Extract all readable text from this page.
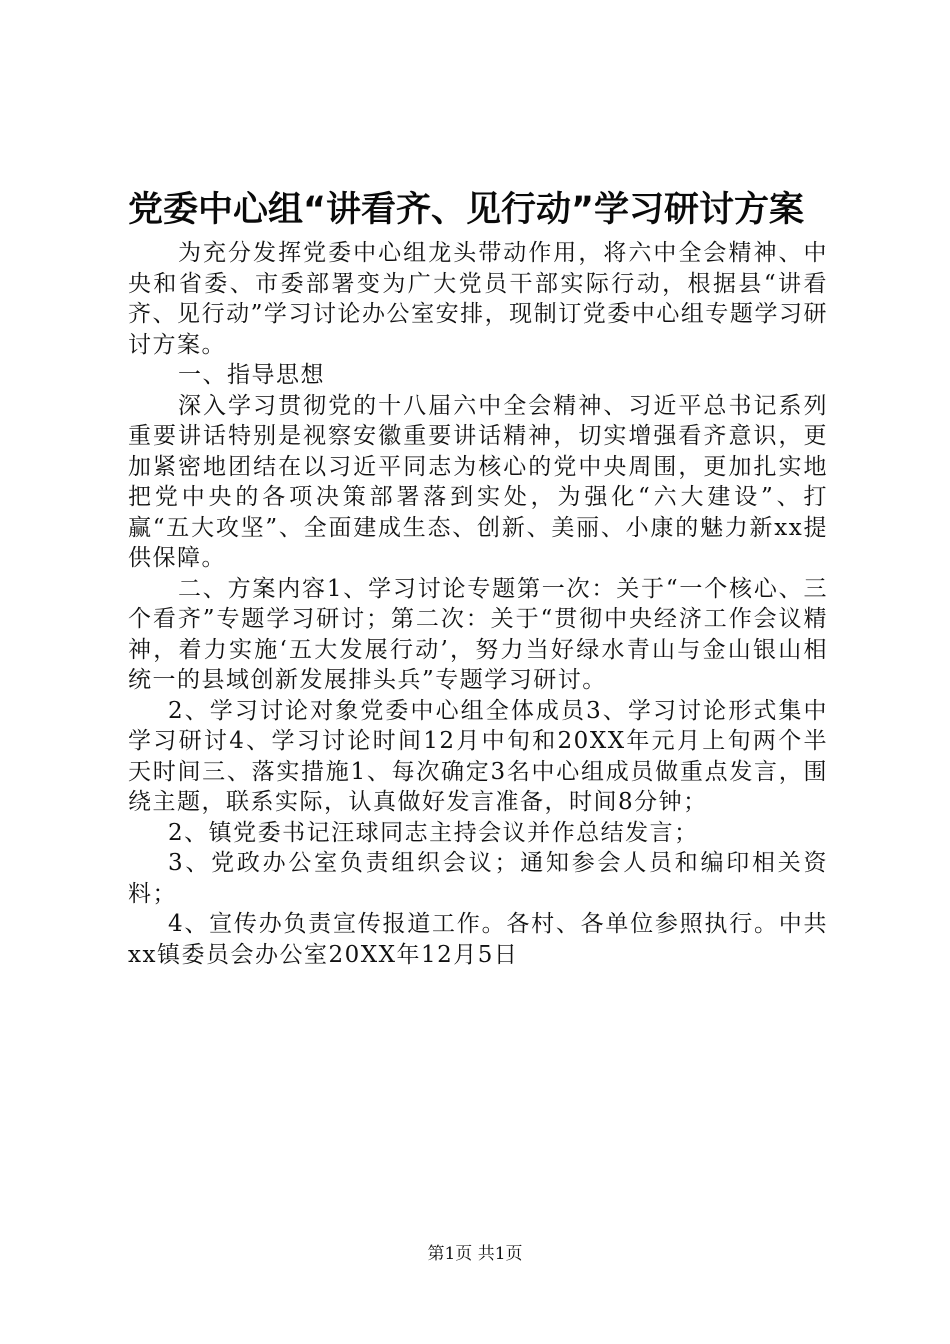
党委中心组“讲看齐、见行动”学习研讨方案

为充分发挥党委中心组龙头带动作用，将六中全会精神、中央和省委、市委部署变为广大党员干部实际行动，根据县“讲看齐、见行动”学习讨论办公室安排，现制订党委中心组专题学习研讨方案。

一、指导思想

深入学习贯彻党的十八届六中全会精神、习近平总书记系列重要讲话特别是视察安徽重要讲话精神，切实增强看齐意识，更加紧密地团结在以习近平同志为核心的党中央周围，更加扎实地把党中央的各项决策部署落到实处，为强化“六大建设”、打赢“五大攻坚”、全面建成生态、创新、美丽、小康的魅力新xx提供保障。

二、方案内容1、学习讨论专题第一次：关于“一个核心、三个看齐”专题学习研讨；第二次：关于“贯彻中央经济工作会议精神，着力实施‘五大发展行动’，努力当好绿水青山与金山银山相统一的县域创新发展排头兵”专题学习研讨。

2、学习讨论对象党委中心组全体成员3、学习讨论形式集中学习研讨4、学习讨论时间12月中旬和20XX年元月上旬两个半天时间三、落实措施1、每次确定3名中心组成员做重点发言，围绕主题，联系实际，认真做好发言准备，时间8分钟；

2、镇党委书记汪球同志主持会议并作总结发言；

3、党政办公室负责组织会议；通知参会人员和编印相关资料；

4、宣传办负责宣传报道工作。各村、各单位参照执行。中共xx镇委员会办公室20XX年12月5日

第1页 共1页
